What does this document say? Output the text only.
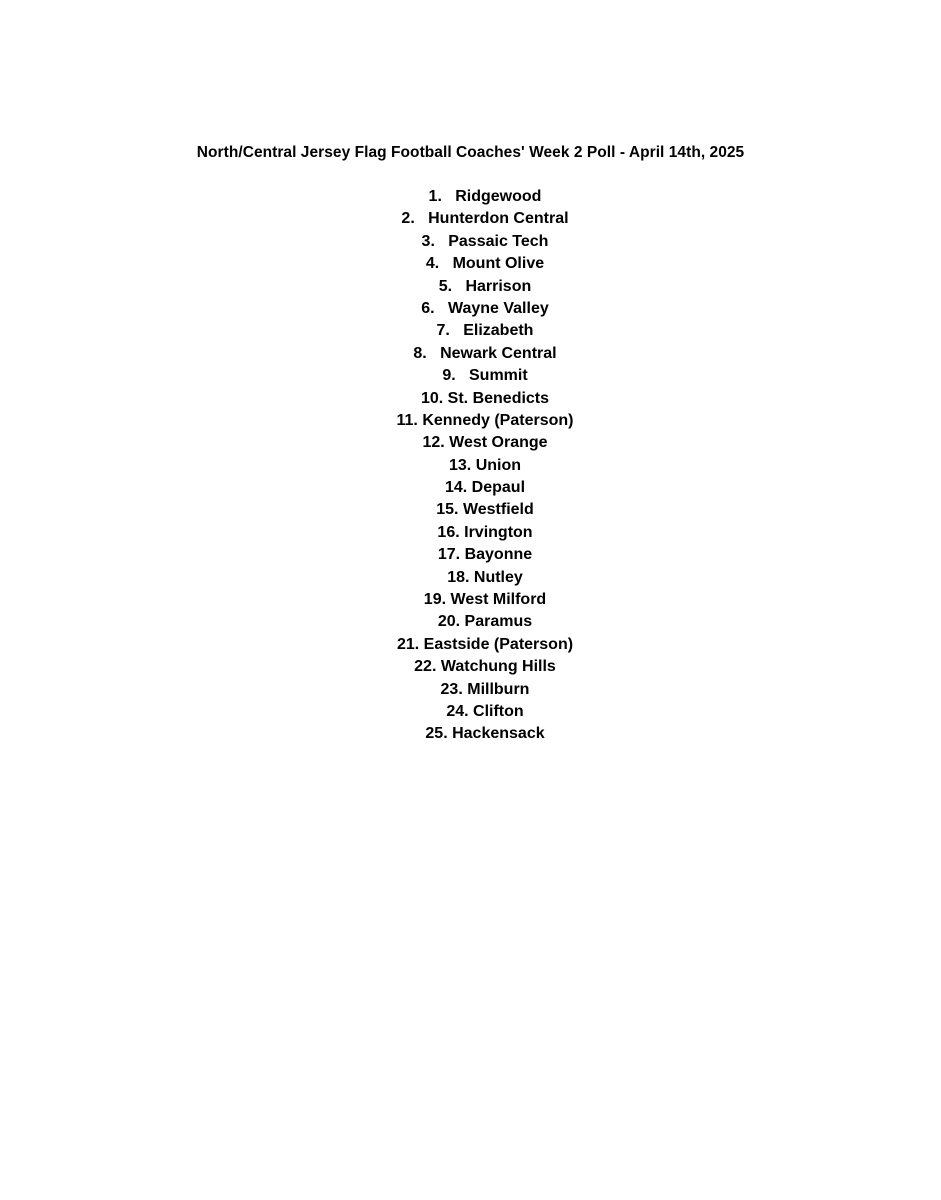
North/Central Jersey Flag Football Coaches' Week 2 Poll - April 14th, 2025
1. Ridgewood
2. Hunterdon Central
3. Passaic Tech
4. Mount Olive
5. Harrison
6. Wayne Valley
7. Elizabeth
8. Newark Central
9. Summit
10. St. Benedicts
11. Kennedy (Paterson)
12. West Orange
13. Union
14. Depaul
15. Westfield
16. Irvington
17. Bayonne
18. Nutley
19. West Milford
20. Paramus
21. Eastside (Paterson)
22. Watchung Hills
23. Millburn
24. Clifton
25. Hackensack
